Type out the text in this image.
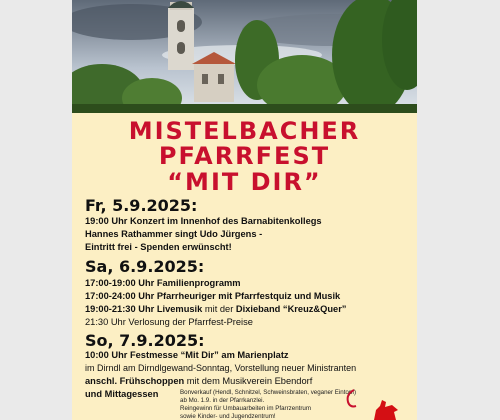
MISTELBACHER
PFARRFEST
“MIT DIR”
Fr, 5.9.2025:
19:00 Uhr Konzert im Innenhof des Barnabitenkollegs
Hannes Rathammer singt Udo Jürgens -
Eintritt frei - Spenden erwünscht!
Sa, 6.9.2025:
17:00-19:00 Uhr Familienprogramm
17:00-24:00 Uhr Pfarrheuriger mit Pfarrfestquiz und Musik
19:00-21:30 Uhr Livemusik mit der Dixieband “Kreuz&Quer”
21:30 Uhr Verlosung der Pfarrfest-Preise
So, 7.9.2025:
10:00 Uhr Festmesse “Mit Dir” am Marienplatz
im Dirndl am Dirndlgewand-Sonntag, Vorstellung neuer Ministranten
anschl. Frühschoppen mit dem Musikverein Ebendorf
und Mittagessen	Bonverkauf (Hendl, Schnitzel, Schweinsbraten, veganer Eintopf)
ab Mo. 1.9. in der Pfarrkanzlei.
Reingewinn für Umbauarbeiten im Pfarrzentrum
sowie Kinder- und Jugendzentrum!
